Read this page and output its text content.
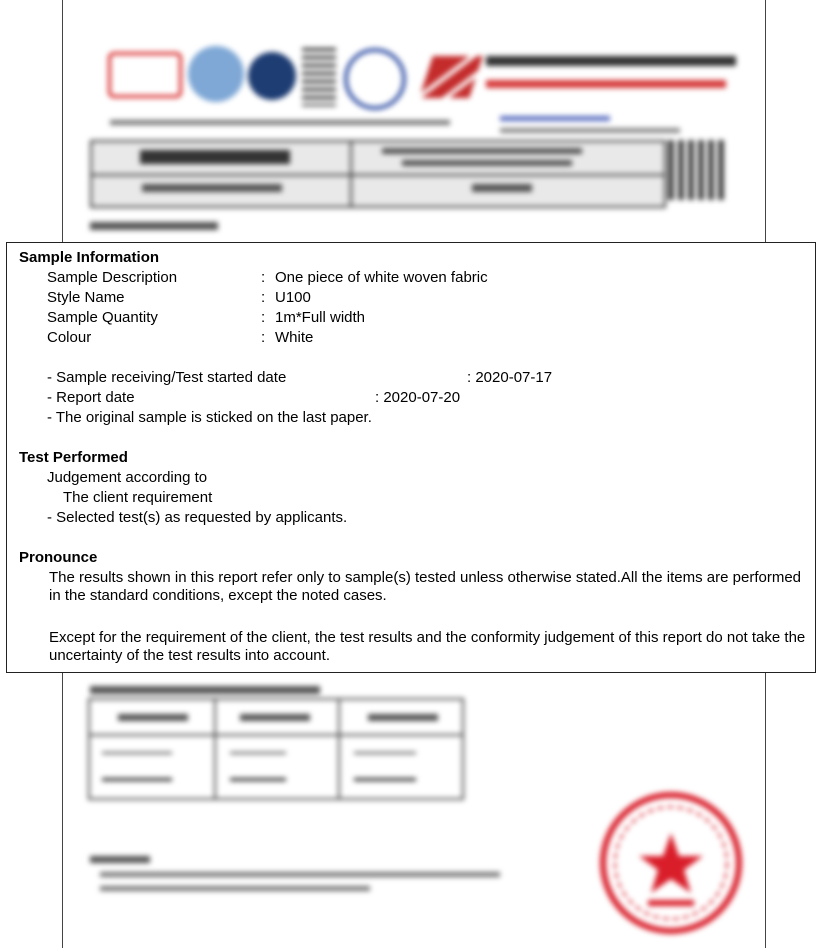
Sample Information
Sample Description	: One piece of white woven fabric
Style Name	: U100
Sample Quantity	: 1m*Full width
Colour	: White
- Sample receiving/Test started date	: 2020-07-17
- Report date	: 2020-07-20
- The original sample is sticked on the last paper.
Test Performed
Judgement according to
The client requirement
- Selected test(s) as requested by applicants.
Pronounce
The results shown in this report refer only to sample(s) tested unless otherwise stated.All the items are performed in the standard conditions, except the noted cases.
Except for the requirement of the client, the test results and the conformity judgement of this report do not take the uncertainty of the test results into account.
